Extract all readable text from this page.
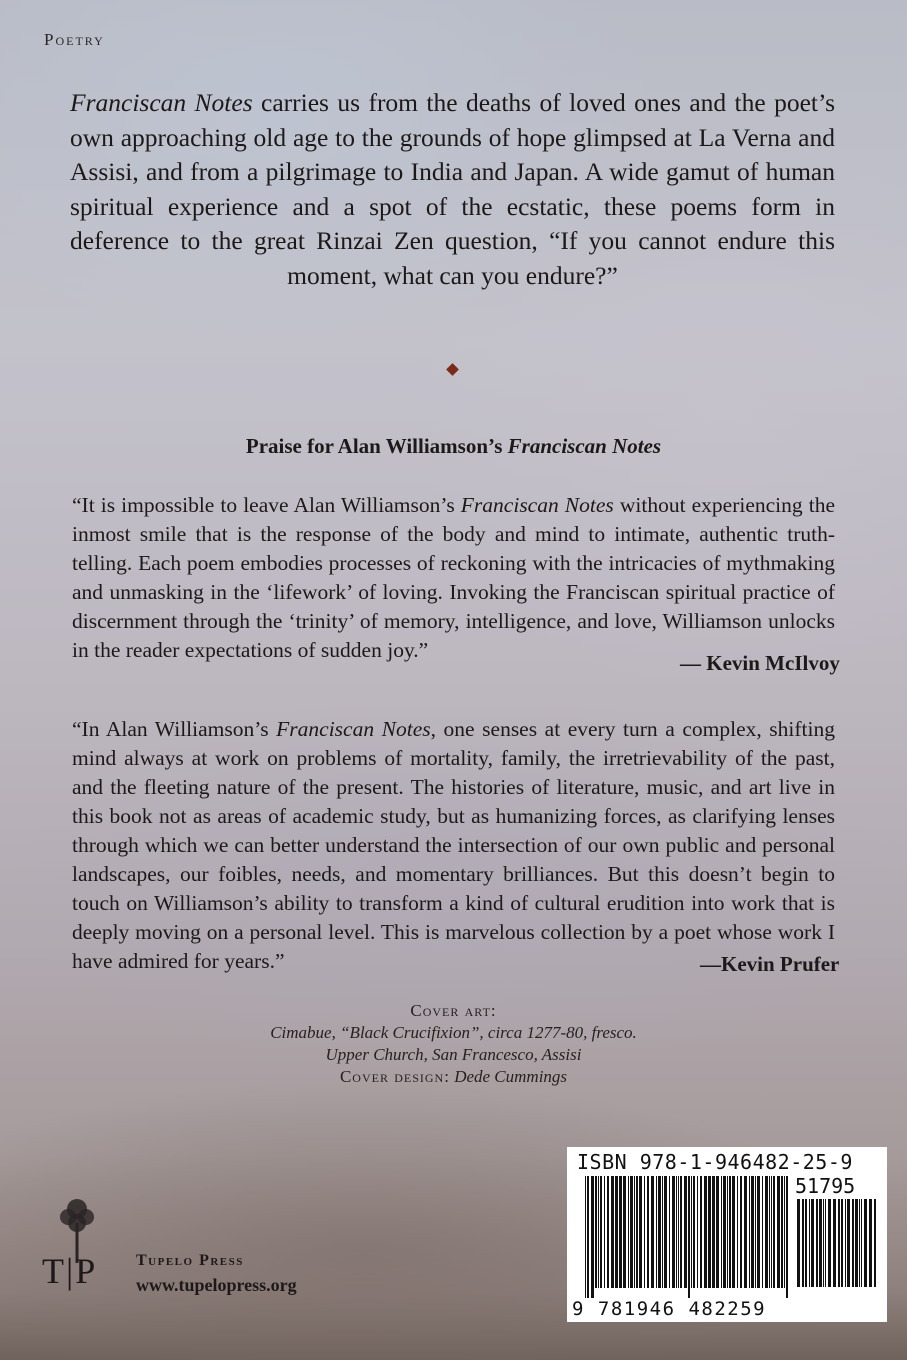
Poetry

Franciscan Notes carries us from the deaths of loved ones and the poet’s own approaching old age to the grounds of hope glimpsed at La Verna and Assisi, and from a pilgrimage to India and Japan. A wide gamut of human spiritual experience and a spot of the ecstatic, these poems form in deference to the great Rinzai Zen question, “If you cannot endure this moment, what can you endure?”

Praise for Alan Williamson’s Franciscan Notes

“It is impossible to leave Alan Williamson’s Franciscan Notes without experiencing the inmost smile that is the response of the body and mind to intimate, authentic truth-telling. Each poem embodies processes of reckoning with the intricacies of mythmaking and unmasking in the ‘lifework’ of loving. Invoking the Franciscan spiritual practice of discernment through the ‘trinity’ of memory, intelligence, and love, Williamson unlocks in the reader expectations of sudden joy.”

— Kevin McIlvoy

“In Alan Williamson’s Franciscan Notes, one senses at every turn a complex, shifting mind always at work on problems of mortality, family, the irretrievability of the past, and the fleeting nature of the present. The histories of literature, music, and art live in this book not as areas of academic study, but as humanizing forces, as clarifying lenses through which we can better understand the intersection of our own public and personal landscapes, our foibles, needs, and momentary brilliances. But this doesn’t begin to touch on Williamson’s ability to transform a kind of cultural erudition into work that is deeply moving on a personal level. This is marvelous collection by a poet whose work I have admired for years.”	—Kevin Prufer
Cover art:
Cimabue, “Black Crucifixion”, circa 1277-80, fresco.
Upper Church, San Francesco, Assisi
Cover design: Dede Cummings
T|P Tupelo Press
www.tupelopress.org
ISBN 978-1-946482-25-9
51795
9 781946 482259
